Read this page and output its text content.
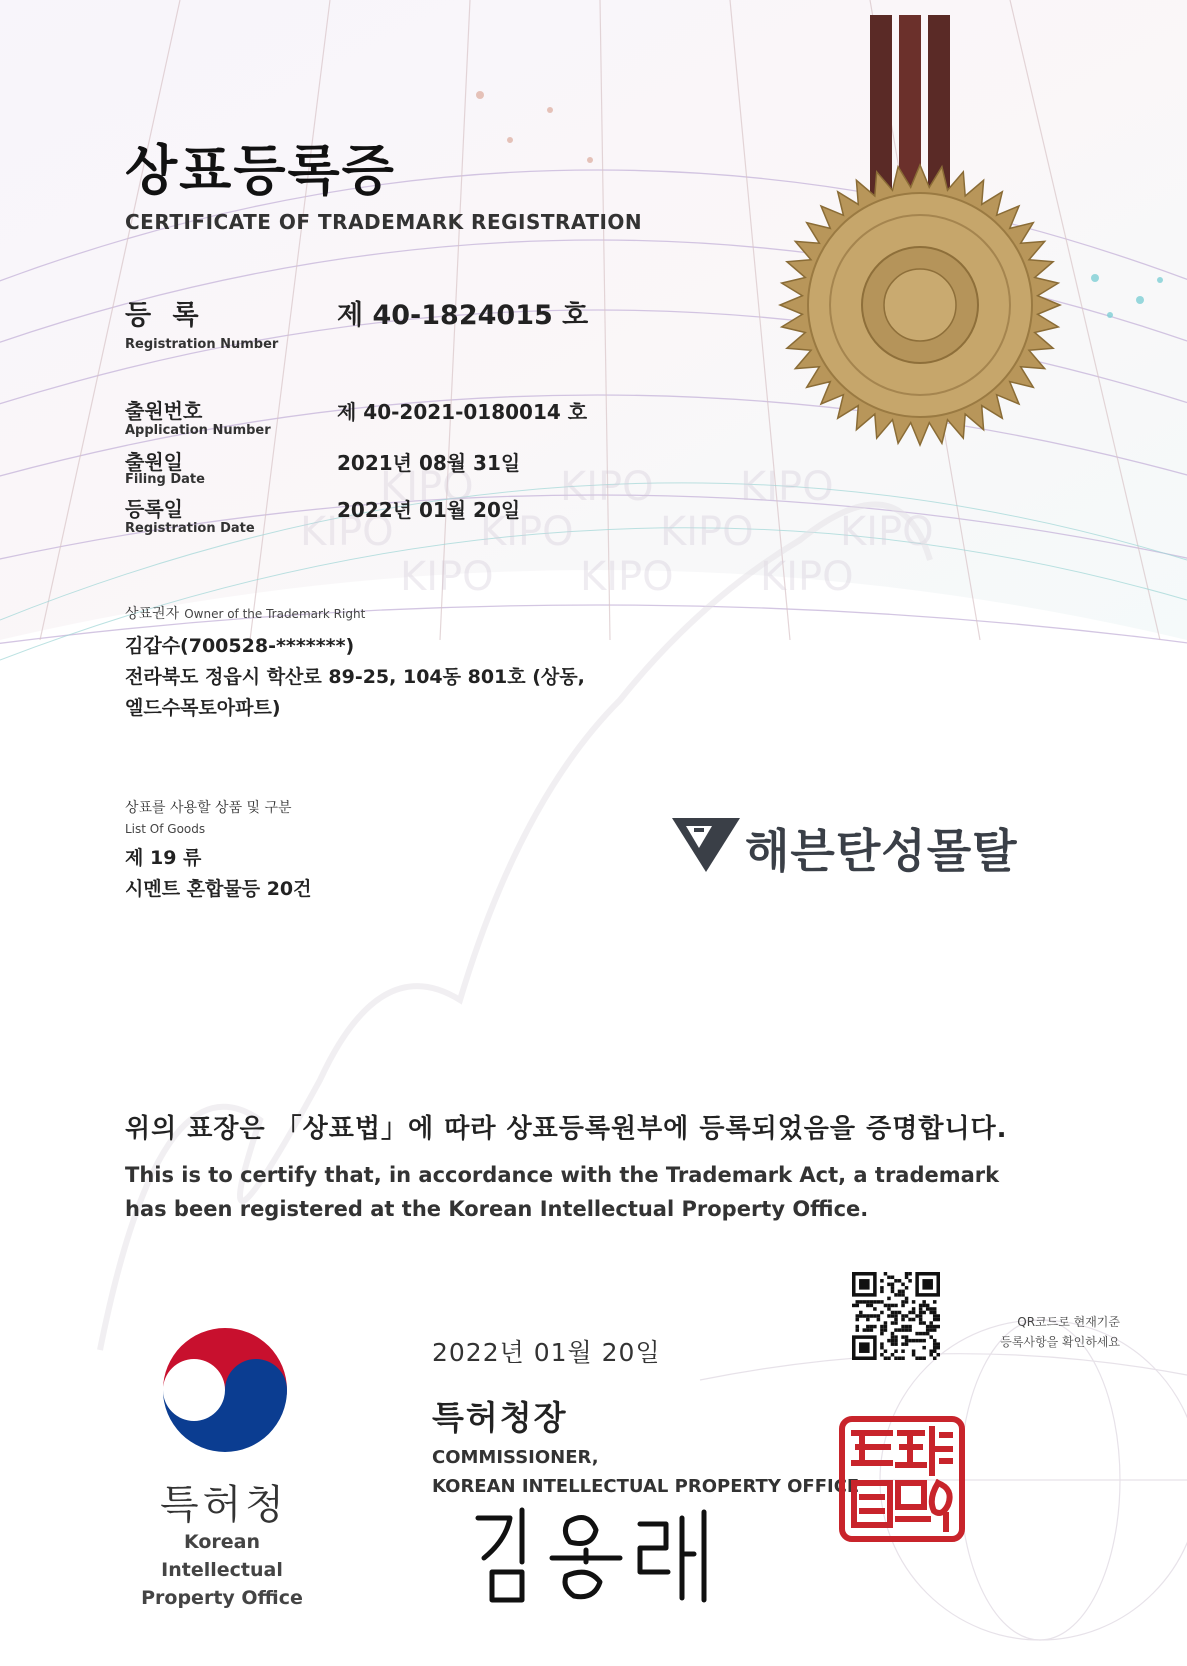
KIPO KIPO KIPO
KIPO KIPO KIPO KIPO
KIPO KIPO KIPO
상표등록증
CERTIFICATE OF TRADEMARK REGISTRATION
등 록
Registration Number
제 40-1824015 호
출원번호
Application Number
제 40-2021-0180014 호
출원일
Filing Date
2021년 08월 31일
등록일
Registration Date
2022년 01월 20일
상표권자 Owner of the Trademark Right
김갑수(700528-*******)
전라북도 정읍시 학산로 89-25, 104동 801호 (상동,
엘드수목토아파트)
상표를 사용할 상품 및 구분
List Of Goods
제 19 류
시멘트 혼합물등 20건
해븐탄성몰탈
위의 표장은 「상표법」에 따라 상표등록원부에 등록되었음을 증명합니다.
This is to certify that, in accordance with the Trademark Act, a trademark
has been registered at the Korean Intellectual Property Office.
QR코드로 현재기준
등록사항을 확인하세요
특허청
Korean Intellectual
Property Office
2022년 01월 20일
특허청장
COMMISSIONER,
KOREAN INTELLECTUAL PROPERTY OFFICE
